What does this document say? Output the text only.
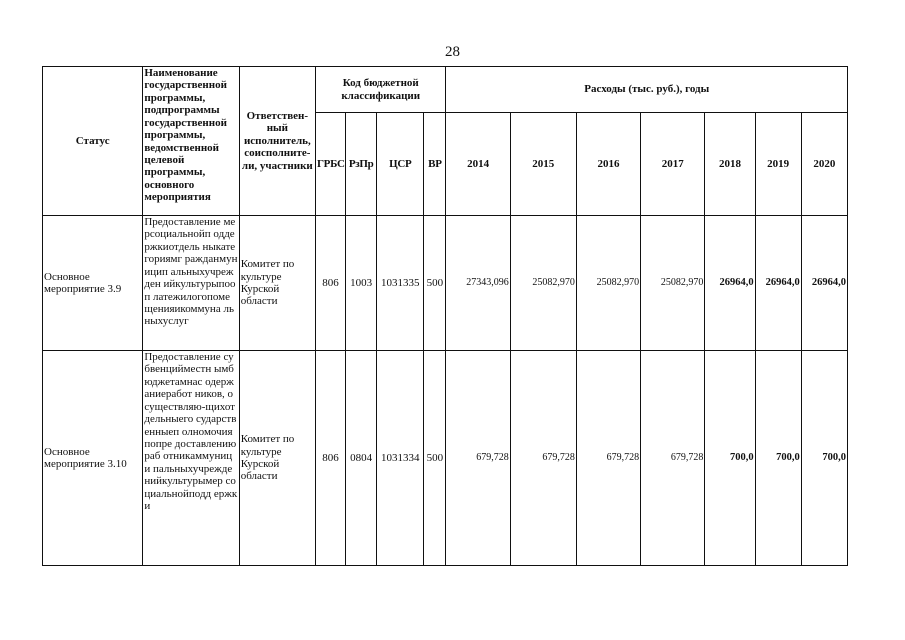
28
Статус	Наименование государственной программы, подпрограммы государственной программы, ведомственной целевой программы, основного мероприятия	Ответствен-ный исполнитель, соисполните-ли, участники	Код бюджетной классификации				Расходы (тыс. руб.), годы						
			ГРБС	РзПр	ЦСР	ВР	2014	2015	2016	2017	2018	2019	2020
Основное мероприятие 3.9	Предоставление мерсоциальнойп оддержкиотдель ныкатегориямг ражданмуницип альныхучрежден ийкультурыпооп латежилогопоме щенияикоммуна льныхуслуг	Комитет по культуре Курской области	806	1003	1031335	500	27343,096	25082,970	25082,970	25082,970	26964,0	26964,0	26964,0
Основное мероприятие 3.10	Предоставление субвенцийместн ымбюджетамнас одержаниеработ ников, осуществляю-щихотдельныего сударственныеп олномочияпопре доставлениюраб отникаммуници пальныхучрежде нийкультурымер социальнойподд ержки	Комитет по культуре Курской области	806	0804	1031334	500	679,728	679,728	679,728	679,728	700,0	700,0	700,0
